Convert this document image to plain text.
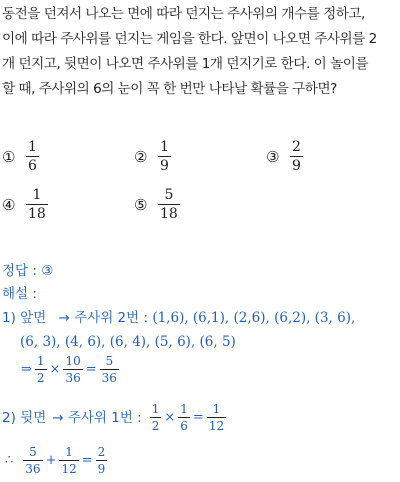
동전을 던져서 나오는 면에 따라 던지는 주사위의 개수를 정하고,
이에 따라 주사위를 던지는 게임을 한다. 앞면이 나오면 주사위를 2
개 던지고, 뒷면이 나오면 주사위를 1개 던지기로 한다. 이 놀이를
할 때, 주사위의 6의 눈이 꼭 한 번만 나타날 확률을 구하면?
① $\frac{1}{6}$	② $\frac{1}{9}$	③ $\frac{2}{9}$
④ $\frac{1}{18}$	⑤ $\frac{5}{18}$
정답 : ③
해설 :
1) 앞면 → 주사위 2번 : (1,6), (6,1), (2,6), (6,2), (3, 6),
(6, 3), (4, 6), (6, 4), (5, 6), (6, 5)
⇒ $\frac{1}{2} \times \frac{10}{36} = \frac{5}{36}$
2) 뒷면 → 주사위 1번 : $\frac{1}{2} \times \frac{1}{6} = \frac{1}{12}$
∴ $\frac{5}{36} + \frac{1}{12} = \frac{2}{9}$
